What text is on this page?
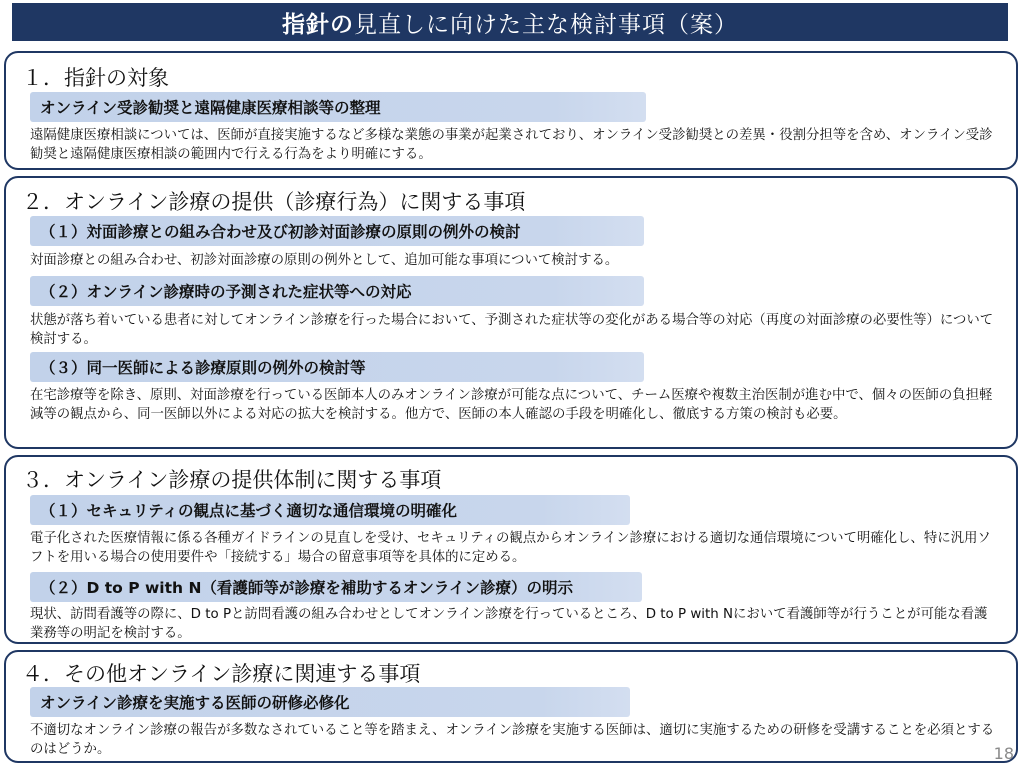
指針の 見直しに向けた主な検討事項（案）
１．指針の対象
オンライン受診勧奨と遠隔健康医療相談等の整理
遠隔健康医療相談については、医師が直接実施するなど多様な業態の事業が起業されており、オンライン受診勧奨との差異・役割分担等を含め、オンライン受診勧奨と遠隔健康医療相談の範囲内で行える行為をより明確にする。
２．オンライン診療の提供（診療行為）に関する事項
（１）対面診療との組み合わせ及び初診対面診療の原則の例外の検討
対面診療との組み合わせ、初診対面診療の原則の例外として、追加可能な事項について検討する。
（２）オンライン診療時の予測された症状等への対応
状態が落ち着いている患者に対してオンライン診療を行った場合において、予測された症状等の変化がある場合等の対応（再度の対面診療の必要性等）について検討する。
（３）同一医師による診療原則の例外の検討等
在宅診療等を除き、原則、対面診療を行っている医師本人のみオンライン診療が可能な点について、チーム医療や複数主治医制が進む中で、個々の医師の負担軽減等の観点から、同一医師以外による対応の拡大を検討する。他方で、医師の本人確認の手段を明確化し、徹底する方策の検討も必要。
３．オンライン診療の提供体制に関する事項
（１）セキュリティの観点に基づく適切な通信環境の明確化
電子化された医療情報に係る各種ガイドラインの見直しを受け、セキュリティの観点からオンライン診療における適切な通信環境について明確化し、特に汎用ソフトを用いる場合の使用要件や「接続する」場合の留意事項等を具体的に定める。
（２）D to P with N（看護師等が診療を補助するオンライン診療）の明示
現状、訪問看護等の際に、D to Pと訪問看護の組み合わせとしてオンライン診療を行っているところ、D to P with Nにおいて看護師等が行うことが可能な看護業務等の明記を検討する。
４．その他オンライン診療に関連する事項
オンライン診療を実施する医師の研修必修化
不適切なオンライン診療の報告が多数なされていること等を踏まえ、オンライン診療を実施する医師は、適切に実施するための研修を受講することを必須とするのはどうか。	18
